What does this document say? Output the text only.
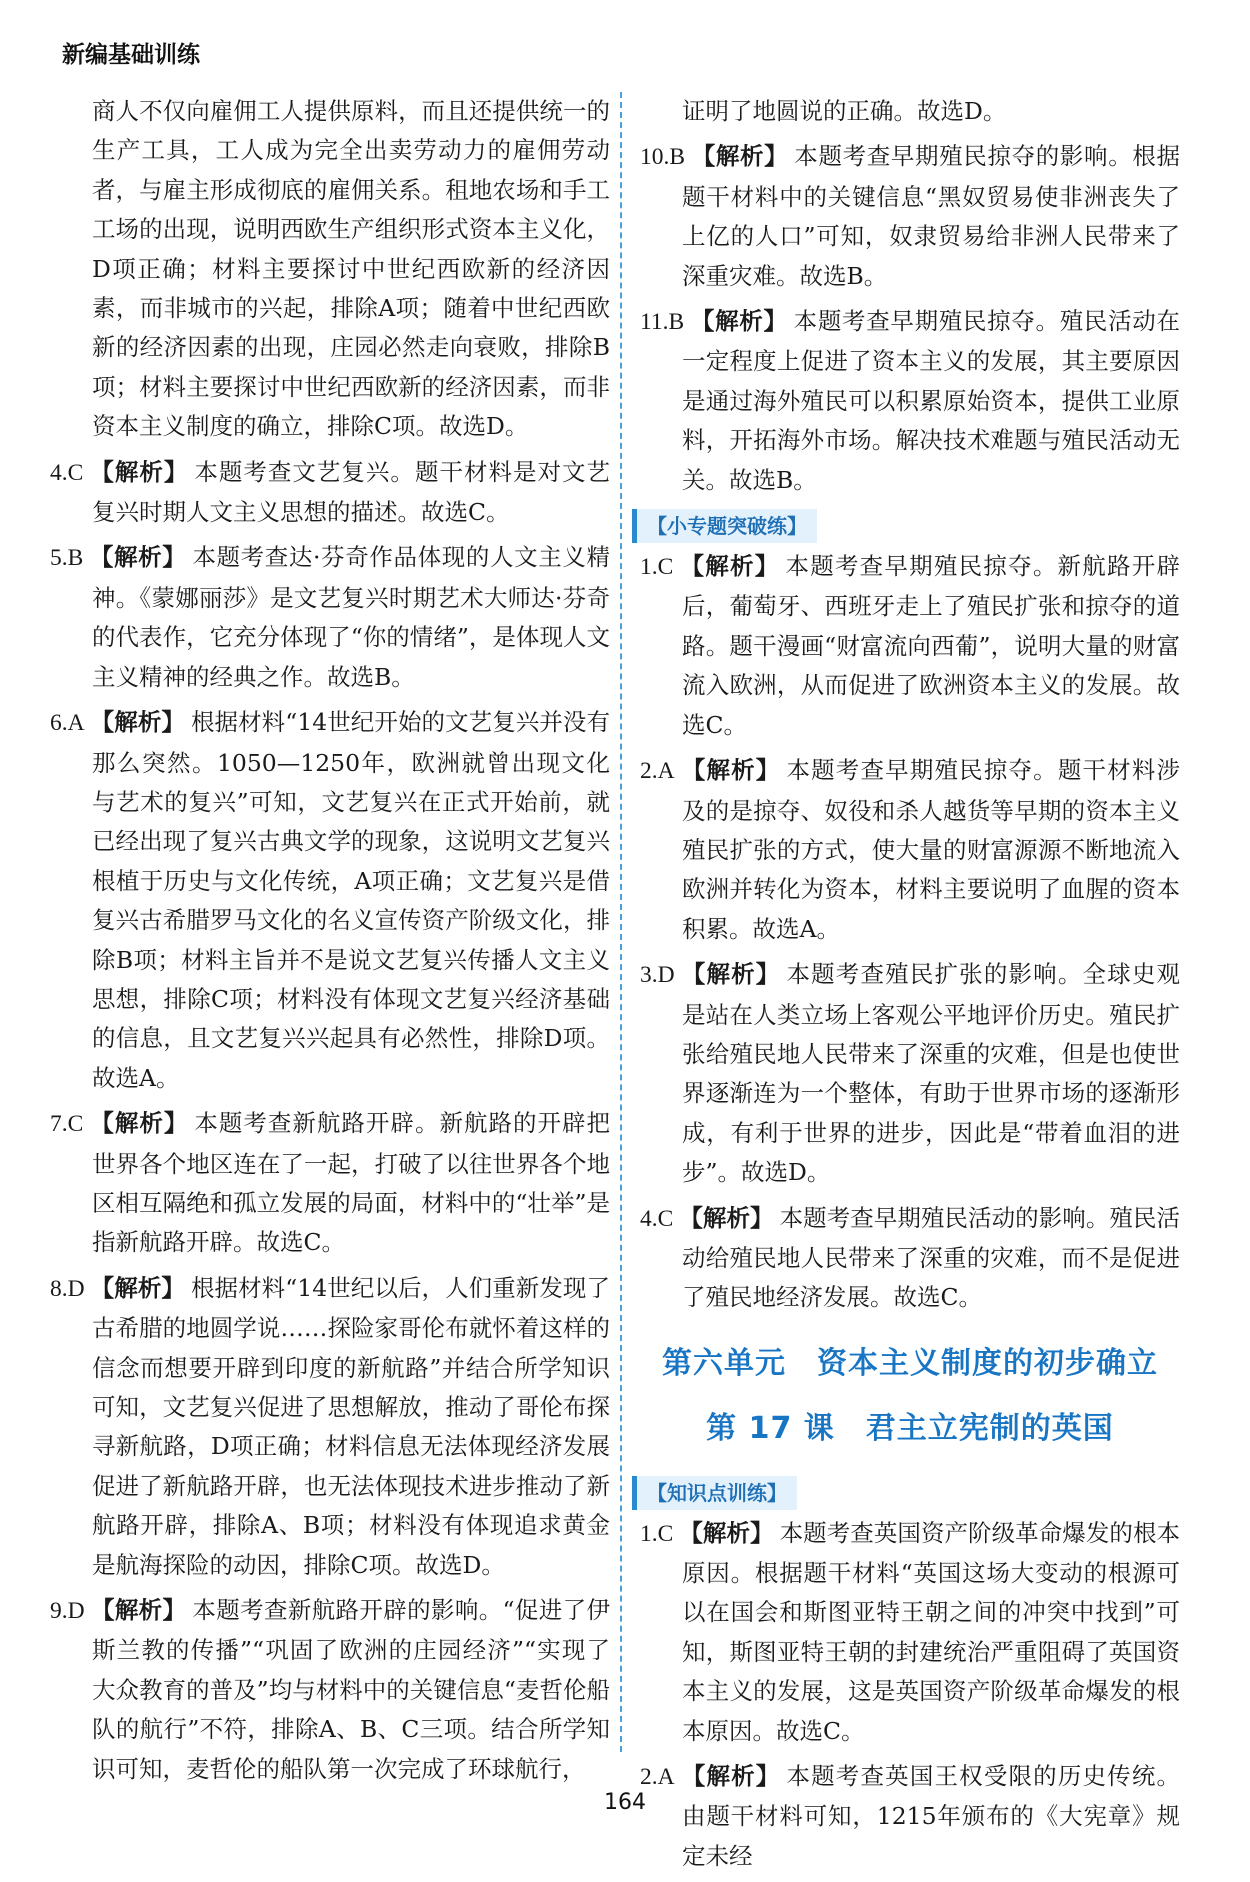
新编基础训练

商人不仅向雇佣工人提供原料，而且还提供统一的生产工具，工人成为完全出卖劳动力的雇佣劳动者，与雇主形成彻底的雇佣关系。租地农场和手工工场的出现，说明西欧生产组织形式资本主义化，D项正确；材料主要探讨中世纪西欧新的经济因素，而非城市的兴起，排除A项；随着中世纪西欧新的经济因素的出现，庄园必然走向衰败，排除B项；材料主要探讨中世纪西欧新的经济因素，而非资本主义制度的确立，排除C项。故选D。

4.C 【解析】 本题考查文艺复兴。题干材料是对文艺复兴时期人文主义思想的描述。故选C。

5.B 【解析】 本题考查达·芬奇作品体现的人文主义精神。《蒙娜丽莎》是文艺复兴时期艺术大师达·芬奇的代表作，它充分体现了“你的情绪”，是体现人文主义精神的经典之作。故选B。

6.A 【解析】 根据材料“14世纪开始的文艺复兴并没有那么突然。1050—1250年，欧洲就曾出现文化与艺术的复兴”可知，文艺复兴在正式开始前，就已经出现了复兴古典文学的现象，这说明文艺复兴根植于历史与文化传统，A项正确；文艺复兴是借复兴古希腊罗马文化的名义宣传资产阶级文化，排除B项；材料主旨并不是说文艺复兴传播人文主义思想，排除C项；材料没有体现文艺复兴经济基础的信息，且文艺复兴兴起具有必然性，排除D项。故选A。

7.C 【解析】 本题考查新航路开辟。新航路的开辟把世界各个地区连在了一起，打破了以往世界各个地区相互隔绝和孤立发展的局面，材料中的“壮举”是指新航路开辟。故选C。

8.D 【解析】 根据材料“14世纪以后，人们重新发现了古希腊的地圆学说……探险家哥伦布就怀着这样的信念而想要开辟到印度的新航路”并结合所学知识可知，文艺复兴促进了思想解放，推动了哥伦布探寻新航路，D项正确；材料信息无法体现经济发展促进了新航路开辟，也无法体现技术进步推动了新航路开辟，排除A、B项；材料没有体现追求黄金是航海探险的动因，排除C项。故选D。

9.D 【解析】 本题考查新航路开辟的影响。“促进了伊斯兰教的传播”“巩固了欧洲的庄园经济”“实现了大众教育的普及”均与材料中的关键信息“麦哲伦船队的航行”不符，排除A、B、C三项。结合所学知识可知，麦哲伦的船队第一次完成了环球航行，

证明了地圆说的正确。故选D。

10.B 【解析】 本题考查早期殖民掠夺的影响。根据题干材料中的关键信息“黑奴贸易使非洲丧失了上亿的人口”可知，奴隶贸易给非洲人民带来了深重灾难。故选B。

11.B 【解析】 本题考查早期殖民掠夺。殖民活动在一定程度上促进了资本主义的发展，其主要原因是通过海外殖民可以积累原始资本，提供工业原料，开拓海外市场。解决技术难题与殖民活动无关。故选B。

【小专题突破练】

1.C 【解析】 本题考查早期殖民掠夺。新航路开辟后，葡萄牙、西班牙走上了殖民扩张和掠夺的道路。题干漫画“财富流向西葡”，说明大量的财富流入欧洲，从而促进了欧洲资本主义的发展。故选C。

2.A 【解析】 本题考查早期殖民掠夺。题干材料涉及的是掠夺、奴役和杀人越货等早期的资本主义殖民扩张的方式，使大量的财富源源不断地流入欧洲并转化为资本，材料主要说明了血腥的资本积累。故选A。

3.D 【解析】 本题考查殖民扩张的影响。全球史观是站在人类立场上客观公平地评价历史。殖民扩张给殖民地人民带来了深重的灾难，但是也使世界逐渐连为一个整体，有助于世界市场的逐渐形成，有利于世界的进步，因此是“带着血泪的进步”。故选D。

4.C 【解析】 本题考查早期殖民活动的影响。殖民活动给殖民地人民带来了深重的灾难，而不是促进了殖民地经济发展。故选C。

第六单元　资本主义制度的初步确立
第 17 课　君主立宪制的英国
【知识点训练】

1.C 【解析】 本题考查英国资产阶级革命爆发的根本原因。根据题干材料“英国这场大变动的根源可以在国会和斯图亚特王朝之间的冲突中找到”可知，斯图亚特王朝的封建统治严重阻碍了英国资本主义的发展，这是英国资产阶级革命爆发的根本原因。故选C。

2.A 【解析】 本题考查英国王权受限的历史传统。由题干材料可知，1215年颁布的《大宪章》规定未经

164
